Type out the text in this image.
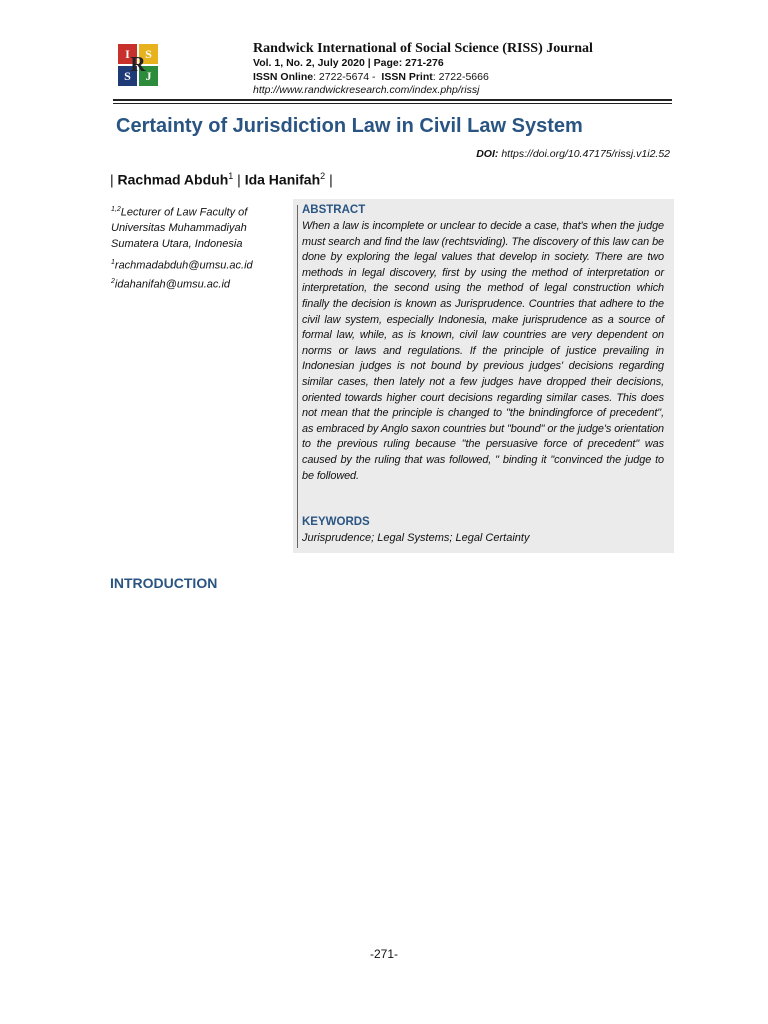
I	S
S	J
R
Randwick International of Social Science (RISS) Journal
Vol. 1, No. 2, July 2020 | Page: 271-276
ISSN Online: 2722-5674 - ISSN Print: 2722-5666
http://www.randwickresearch.com/index.php/rissj
Certainty of Jurisdiction Law in Civil Law System
DOI: https://doi.org/10.47175/rissj.v1i2.52
| Rachmad Abduh$^1$ | Ida Hanifah$^2$ |
$^{1,2}$Lecturer of Law Faculty of Universitas Muhammadiyah Sumatera Utara, Indonesia
$^1$rachmadabduh@umsu.ac.id
$^2$idahanifah@umsu.ac.id
ABSTRACT
When a law is incomplete or unclear to decide a case, that's when the judge must search and find the law (rechtsviding). The discovery of this law can be done by exploring the legal values that develop in society. There are two methods in legal discovery, first by using the method of interpretation or interpretation, the second using the method of legal construction which finally the decision is known as Jurisprudence. Countries that adhere to the civil law system, especially Indonesia, make jurisprudence as a source of formal law, while, as is known, civil law countries are very dependent on norms or laws and regulations. If the principle of justice prevailing in Indonesian judges is not bound by previous judges' decisions regarding similar cases, then lately not a few judges have dropped their decisions, oriented towards higher court decisions regarding similar cases. This does not mean that the principle is changed to "the bnindingforce of precedent", as embraced by Anglo saxon countries but "bound" or the judge's orientation to the previous ruling because "the persuasive force of precedent" was caused by the ruling that was followed, " binding it "convinced the judge to be followed.
KEYWORDS
Jurisprudence; Legal Systems; Legal Certainty
INTRODUCTION
-271-
